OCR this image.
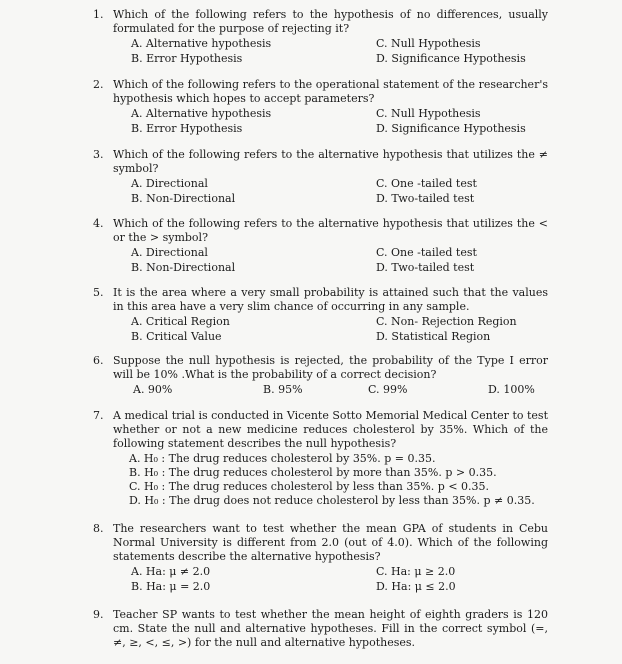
1. Which of the following refers to the hypothesis of no differences, usually formulated for the purpose of rejecting it?
A. Alternative hypothesis	C. Null Hypothesis
B. Error Hypothesis	D. Significance Hypothesis
2. Which of the following refers to the operational statement of the researcher's hypothesis which hopes to accept parameters?
A. Alternative hypothesis	C. Null Hypothesis
B. Error Hypothesis	D. Significance Hypothesis
3. Which of the following refers to the alternative hypothesis that utilizes the ≠ symbol?
A. Directional	C. One -tailed test
B. Non-Directional	D. Two-tailed test
4. Which of the following refers to the alternative hypothesis that utilizes the < or the > symbol?
A. Directional	C. One -tailed test
B. Non-Directional	D. Two-tailed test
5. It is the area where a very small probability is attained such that the values in this area have a very slim chance of occurring in any sample.
A. Critical Region	C. Non- Rejection Region
B. Critical Value	D. Statistical Region
6. Suppose the null hypothesis is rejected, the probability of the Type I error will be 10% .What is the probability of a correct decision?
A. 90%	B. 95%	C. 99%	D. 100%
7. A medical trial is conducted in Vicente Sotto Memorial Medical Center to test whether or not a new medicine reduces cholesterol by 35%. Which of the following statement describes the null hypothesis?
A. H₀ : The drug reduces cholesterol by 35%. p = 0.35.
B. H₀ : The drug reduces cholesterol by more than 35%. p > 0.35.
C. H₀ : The drug reduces cholesterol by less than 35%. p < 0.35.
D. H₀ : The drug does not reduce cholesterol by less than 35%. p ≠ 0.35.
8. The researchers want to test whether the mean GPA of students in Cebu Normal University is different from 2.0 (out of 4.0). Which of the following statements describe the alternative hypothesis?
A. Ha: μ ≠ 2.0	C. Ha: μ ≥ 2.0
B. Ha: μ = 2.0	D. Ha: μ ≤ 2.0
9. Teacher SP wants to test whether the mean height of eighth graders is 120 cm. State the null and alternative hypotheses. Fill in the correct symbol (=, ≠, ≥, <, ≤, >) for the null and alternative hypotheses.
